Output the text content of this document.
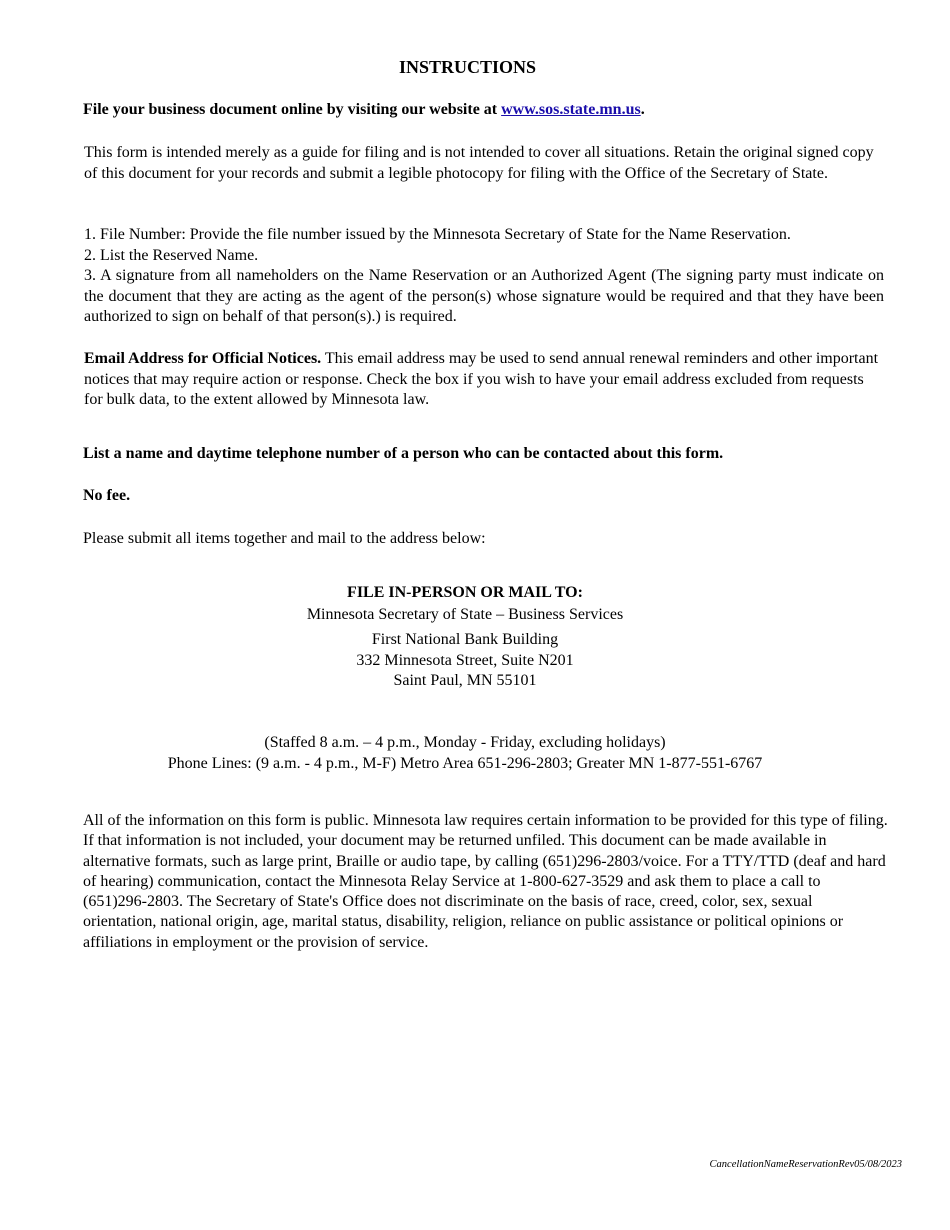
INSTRUCTIONS
File your business document online by visiting our website at www.sos.state.mn.us.
This form is intended merely as a guide for filing and is not intended to cover all situations. Retain the original signed copy of this document for your records and submit a legible photocopy for filing with the Office of the Secretary of State.
1. File Number: Provide the file number issued by the Minnesota Secretary of State for the Name Reservation.
2. List the Reserved Name.
3. A signature from all nameholders on the Name Reservation or an Authorized Agent (The signing party must indicate on the document that they are acting as the agent of the person(s) whose signature would be required and that they have been authorized to sign on behalf of that person(s).) is required.
Email Address for Official Notices. This email address may be used to send annual renewal reminders and other important notices that may require action or response. Check the box if you wish to have your email address excluded from requests for bulk data, to the extent allowed by Minnesota law.
List a name and daytime telephone number of a person who can be contacted about this form.
No fee.
Please submit all items together and mail to the address below:
FILE IN-PERSON OR MAIL TO:
Minnesota Secretary of State – Business Services
First National Bank Building
332 Minnesota Street, Suite N201
Saint Paul, MN 55101
(Staffed 8 a.m. – 4 p.m., Monday - Friday, excluding holidays)
Phone Lines: (9 a.m. - 4 p.m., M-F) Metro Area 651-296-2803; Greater MN 1-877-551-6767
All of the information on this form is public. Minnesota law requires certain information to be provided for this type of filing. If that information is not included, your document may be returned unfiled. This document can be made available in alternative formats, such as large print, Braille or audio tape, by calling (651)296-2803/voice. For a TTY/TTD (deaf and hard of hearing) communication, contact the Minnesota Relay Service at 1-800-627-3529 and ask them to place a call to (651)296-2803. The Secretary of State's Office does not discriminate on the basis of race, creed, color, sex, sexual orientation, national origin, age, marital status, disability, religion, reliance on public assistance or political opinions or affiliations in employment or the provision of service.
CancellationNameReservationRev05/08/2023
